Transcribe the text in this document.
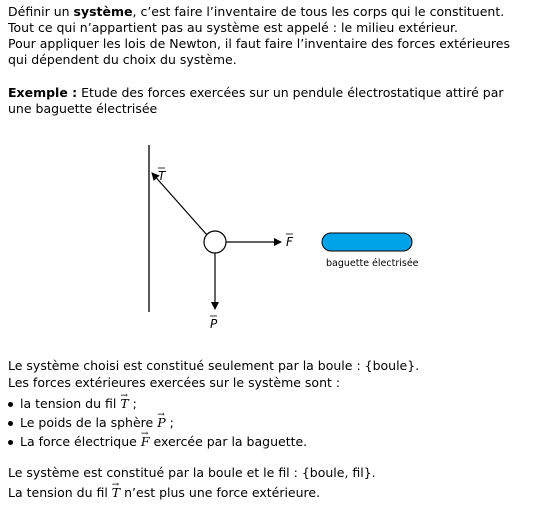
Définir un système, c’est faire l’inventaire de tous les corps qui le constituent.
Tout ce qui n’appartient pas au système est appelé : le milieu extérieur.
Pour appliquer les lois de Newton, il faut faire l’inventaire des forces extérieures
qui dépendent du choix du système.
Exemple : Etude des forces exercées sur un pendule électrostatique attiré par
une baguette électrisée
T
F
P
baguette électrisée
Le système choisi est constitué seulement par la boule : {boule}.
Les forces extérieures exercées sur le système sont :
la tension du fil → T ;
Le poids de la sphère → P ;
La force électrique → F exercée par la baguette.
Le système est constitué par la boule et le fil : {boule, fil}.
La tension du fil → T n’est plus une force extérieure.
